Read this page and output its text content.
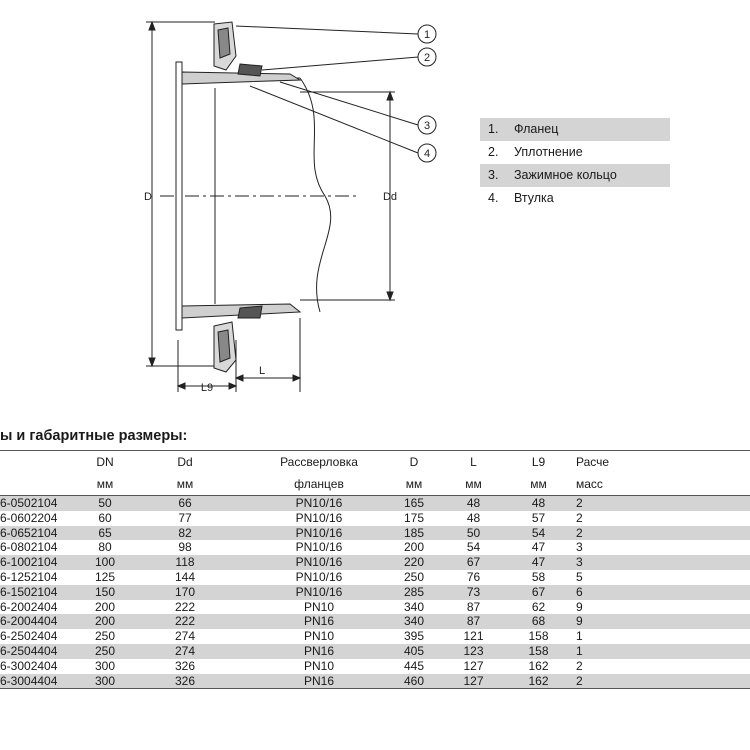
1
2
3
4
D	Dd
L9
L
1.	Фланец
2.	Уплотнение
3.	Зажимное кольцо
4.	Втулка
ы и габаритные размеры:
	DN	Dd	Рассверловка	D	L	L9	Расче
	мм	мм	фланцев	мм	мм	мм	масс
6-0502104	50	66	PN10/16	165	48	48	2
6-0602204	60	77	PN10/16	175	48	57	2
6-0652104	65	82	PN10/16	185	50	54	2
6-0802104	80	98	PN10/16	200	54	47	3
6-1002104	100	118	PN10/16	220	67	47	3
6-1252104	125	144	PN10/16	250	76	58	5
6-1502104	150	170	PN10/16	285	73	67	6
6-2002404	200	222	PN10	340	87	62	9
6-2004404	200	222	PN16	340	87	68	9
6-2502404	250	274	PN10	395	121	158	1
6-2504404	250	274	PN16	405	123	158	1
6-3002404	300	326	PN10	445	127	162	2
6-3004404	300	326	PN16	460	127	162	2
